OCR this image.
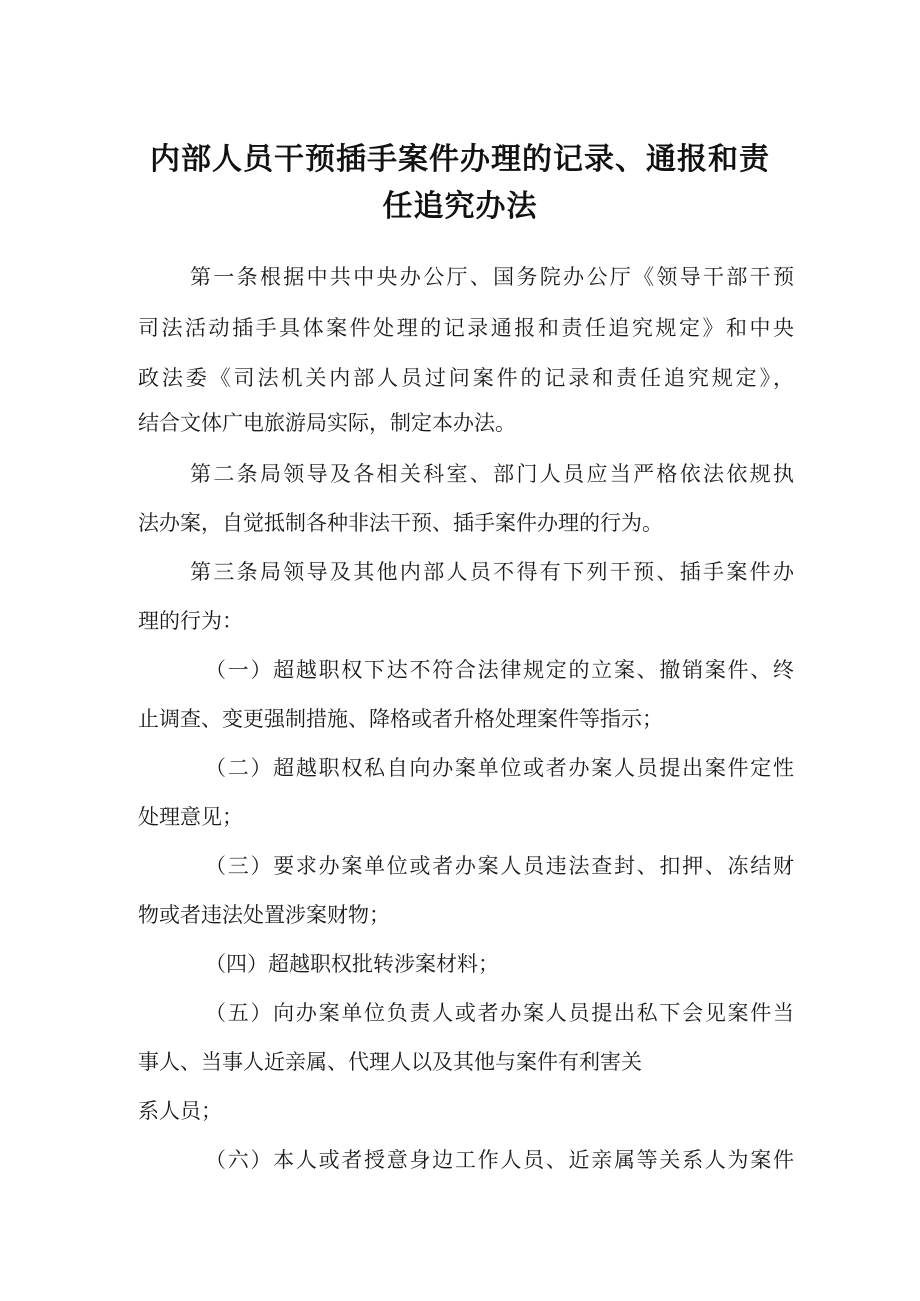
内部人员干预插手案件办理的记录、通报和责
任追究办法
第一条根据中共中央办公厅、国务院办公厅《领导干部干预
司法活动插手具体案件处理的记录通报和责任追究规定》和中央
政法委《司法机关内部人员过问案件的记录和责任追究规定》，
结合文体广电旅游局实际，制定本办法。
第二条局领导及各相关科室、部门人员应当严格依法依规执
法办案，自觉抵制各种非法干预、插手案件办理的行为。
第三条局领导及其他内部人员不得有下列干预、插手案件办
理的行为：
（一）超越职权下达不符合法律规定的立案、撤销案件、终
止调查、变更强制措施、降格或者升格处理案件等指示；
（二）超越职权私自向办案单位或者办案人员提出案件定性
处理意见；
（三）要求办案单位或者办案人员违法查封、扣押、冻结财
物或者违法处置涉案财物；
（四）超越职权批转涉案材料；
（五）向办案单位负责人或者办案人员提出私下会见案件当
事人、当事人近亲属、代理人以及其他与案件有利害关
系人员；
（六）本人或者授意身边工作人员、近亲属等关系人为案件
